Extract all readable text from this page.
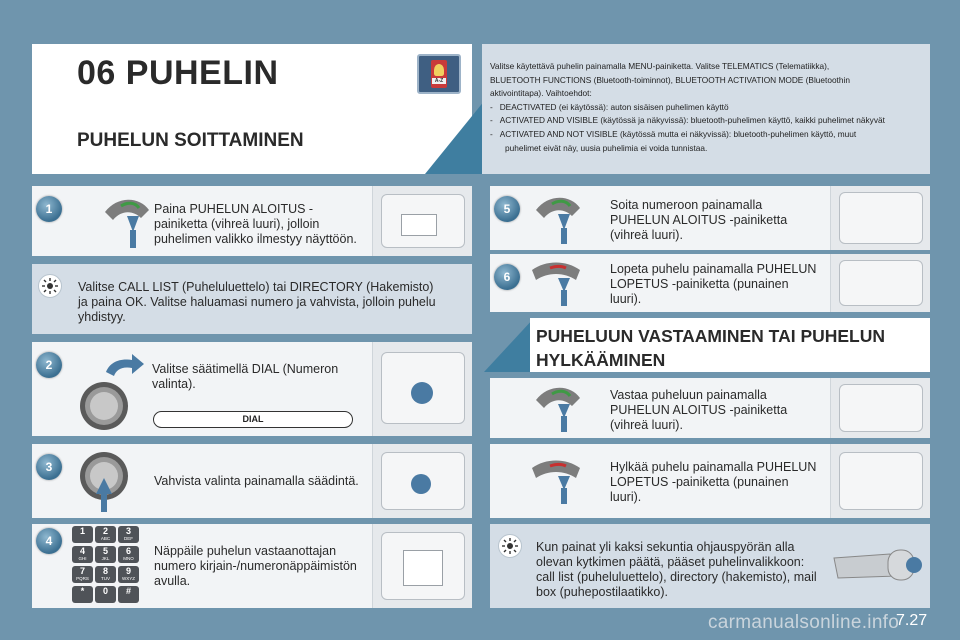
06 PUHELIN
PUHELUN SOITTAMINEN
A-Z
Valitse käytettävä puhelin painamalla MENU-painiketta. Valitse TELEMATICS (Telematiikka),
BLUETOOTH FUNCTIONS (Bluetooth-toiminnot), BLUETOOTH ACTIVATION MODE (Bluetoothin
aktivointitapa). Vaihtoehdot:
- DEACTIVATED (ei käytössä): auton sisäisen puhelimen käyttö
- ACTIVATED AND VISIBLE (käytössä ja näkyvissä): bluetooth-puhelimen käyttö, kaikki puhelimet näkyvät
- ACTIVATED AND NOT VISIBLE (käytössä mutta ei näkyvissä): bluetooth-puhelimen käyttö, muut
puhelimet eivät näy, uusia puhelimia ei voida tunnistaa.
1	Paina PUHELUN ALOITUS -
painiketta (vihreä luuri), jolloin
puhelimen valikko ilmestyy näyttöön.
Valitse CALL LIST (Puheluluettelo) tai DIRECTORY (Hakemisto)
ja paina OK. Valitse haluamasi numero ja vahvista, jolloin puhelu
yhdistyy.
2	Valitse säätimellä DIAL (Numeron
valinta).
DIAL
3
Vahvista valinta painamalla säädintä.
4
1	2
ABC
3
DEF
4
GHI
5
JKL
6
MNO
7
PQRS
8
TUV
9
WXYZ
*	0	#
Näppäile puhelun vastaanottajan
numero kirjain-/numeronäppäimistön
avulla.
5	Soita numeroon painamalla
PUHELUN ALOITUS -painiketta
(vihreä luuri).
6
Lopeta puhelu painamalla PUHELUN
LOPETUS -painiketta (punainen
luuri).
PUHELUUN VASTAAMINEN TAI PUHELUN
HYLKÄÄMINEN
Vastaa puheluun painamalla
PUHELUN ALOITUS -painiketta
(vihreä luuri).
Hylkää puhelu painamalla PUHELUN
LOPETUS -painiketta (punainen
luuri).
Kun painat yli kaksi sekuntia ohjauspyörän alla
olevan kytkimen päätä, pääset puhelinvalikkoon:
call list (puheluluettelo), directory (hakemisto), mail
box (puhepostilaatikko).
7.27
carmanualsonline.info
